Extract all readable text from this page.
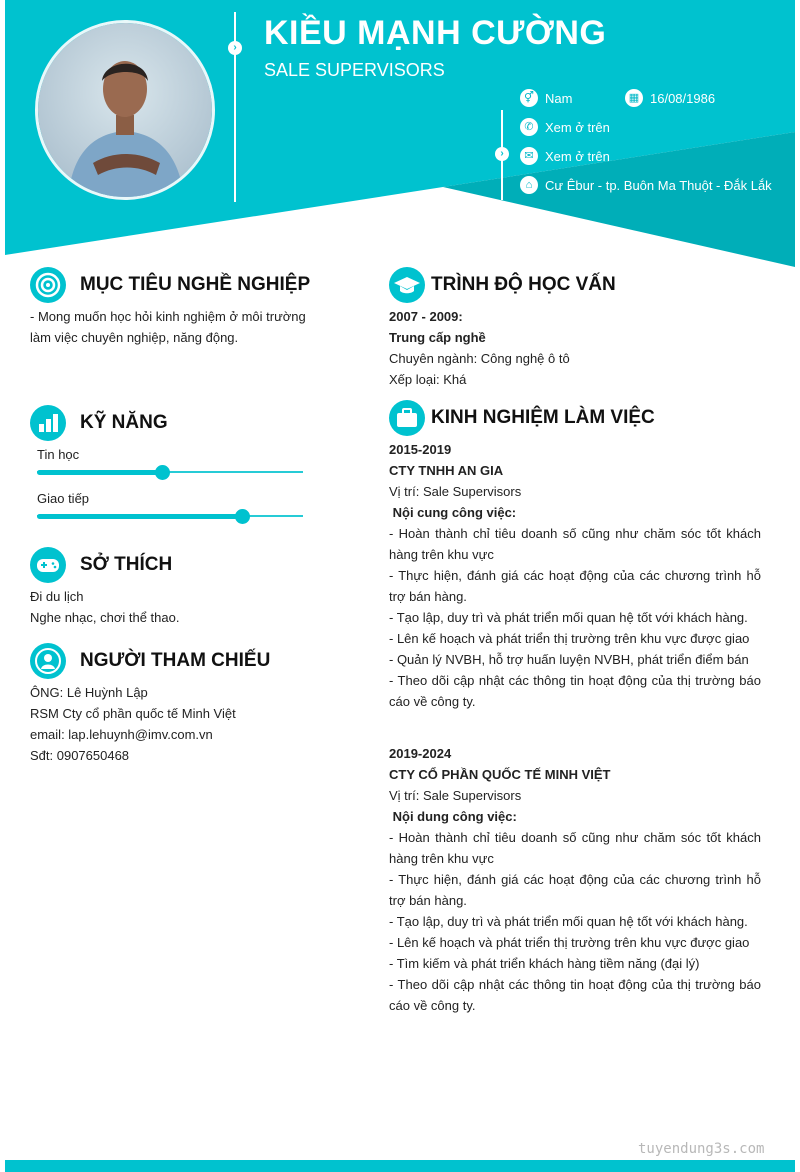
› KIỀU MẠNH CƯỜNG
SALE SUPERVISORS
›
⚥ Nam	▦ 16/08/1986
✆ Xem ở trên
✉ Xem ở trên
⌂ Cư Êbur - tp. Buôn Ma Thuột - Đắk Lắk
MỤC TIÊU NGHỀ NGHIỆP
- Mong muốn học hỏi kinh nghiệm ở môi trường
làm việc chuyên nghiệp, năng động.
KỸ NĂNG
Tin học
Giao tiếp
SỞ THÍCH
Đi du lịch
Nghe nhạc, chơi thể thao.
NGƯỜI THAM CHIẾU
ÔNG: Lê Huỳnh Lập
RSM Cty cổ phần quốc tế Minh Việt
email: lap.lehuynh@imv.com.vn
Sđt: 0907650468
TRÌNH ĐỘ HỌC VẤN
2007 - 2009:
Trung cấp nghề
Chuyên ngành: Công nghệ ô tô
Xếp loại: Khá
KINH NGHIỆM LÀM VIỆC
2015-2019
CTY TNHH AN GIA
Vị trí: Sale Supervisors
Nội cung công việc:
- Hoàn thành chỉ tiêu doanh số cũng như chăm sóc tốt khách hàng trên khu vực
- Thực hiện, đánh giá các hoạt động của các chương trình hỗ trợ bán hàng.
- Tạo lập, duy trì và phát triển mối quan hệ tốt với khách hàng.
- Lên kế hoạch và phát triển thị trường trên khu vực được giao
- Quản lý NVBH, hỗ trợ huấn luyện NVBH, phát triển điểm bán
- Theo dõi cập nhật các thông tin hoạt động của thị trường báo cáo về công ty.
2019-2024
CTY CỔ PHẦN QUỐC TẾ MINH VIỆT
Vị trí: Sale Supervisors
Nội dung công việc:
- Hoàn thành chỉ tiêu doanh số cũng như chăm sóc tốt khách hàng trên khu vực
- Thực hiện, đánh giá các hoạt động của các chương trình hỗ trợ bán hàng.
- Tạo lập, duy trì và phát triển mối quan hệ tốt với khách hàng.
- Lên kế hoạch và phát triển thị trường trên khu vực được giao
- Tìm kiếm và phát triển khách hàng tiềm năng (đại lý)
- Theo dõi cập nhật các thông tin hoạt động của thị trường báo cáo về công ty.
tuyendung3s.com
